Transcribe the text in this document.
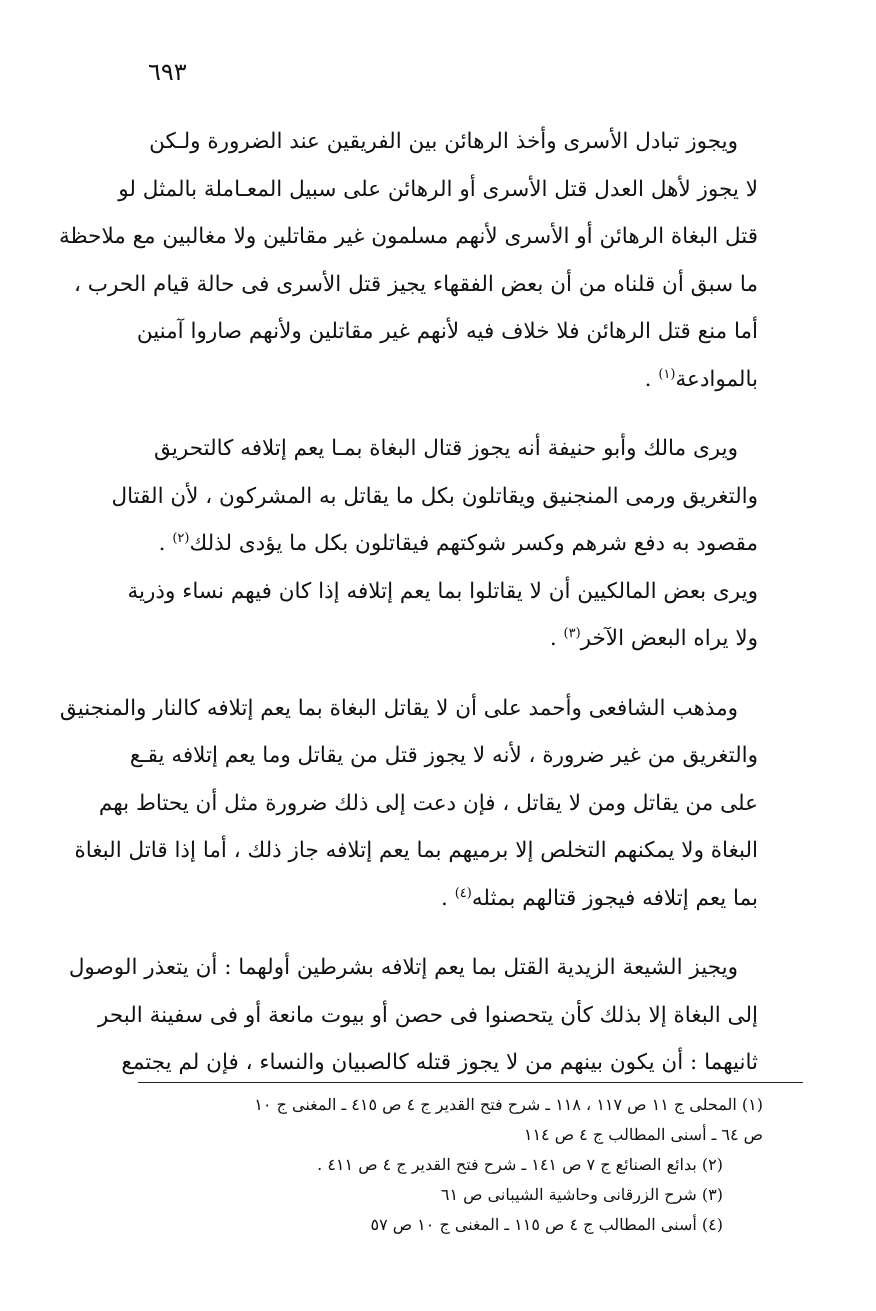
٦٩٣

ويجوز تبادل الأسرى وأخذ الرهائن بين الفريقين عند الضرورة ولـكن
لا يجوز لأهل العدل قتل الأسرى أو الرهائن على سبيل المعـاملة بالمثل لو
قتل البغاة الرهائن أو الأسرى لأنهم مسلمون غير مقاتلين ولا مغالبين مع ملاحظة
ما سبق أن قلناه من أن بعض الفقهاء يجيز قتل الأسرى فى حالة قيام الحرب ،
أما منع قتل الرهائن فلا خلاف فيه لأنهم غير مقاتلين ولأنهم صاروا آمنين
بالموادعة$^{(١)}$ .

ويرى مالك وأبو حنيفة أنه يجوز قتال البغاة بمـا يعم إتلافه كالتحريق
والتغريق ورمى المنجنيق ويقاتلون بكل ما يقاتل به المشركون ، لأن القتال
مقصود به دفع شرهم وكسر شوكتهم فيقاتلون بكل ما يؤدى لذلك$^{(٢)}$ .
ويرى بعض المالكيين أن لا يقاتلوا بما يعم إتلافه إذا كان فيهم نساء وذرية
ولا يراه البعض الآخر$^{(٣)}$ .

ومذهب الشافعى وأحمد على أن لا يقاتل البغاة بما يعم إتلافه كالنار والمنجنيق
والتغريق من غير ضرورة ، لأنه لا يجوز قتل من يقاتل وما يعم إتلافه يقـع
على من يقاتل ومن لا يقاتل ، فإن دعت إلى ذلك ضرورة مثل أن يحتاط بهم
البغاة ولا يمكنهم التخلص إلا برميهم بما يعم إتلافه جاز ذلك ، أما إذا قاتل البغاة
بما يعم إتلافه فيجوز قتالهم بمثله$^{(٤)}$ .

ويجيز الشيعة الزيدية القتل بما يعم إتلافه بشرطين أولهما : أن يتعذر الوصول
إلى البغاة إلا بذلك كأن يتحصنوا فى حصن أو بيوت مانعة أو فى سفينة البحر
ثانيهما : أن يكون بينهم من لا يجوز قتله كالصبيان والنساء ، فإن لم يجتمع

(١) المحلى ج ١١ ص ١١٧ ، ١١٨ ـ شرح فتح القدير ج ٤ ص ٤١٥ ـ المغنى ج ١٠
ص ٦٤ ـ أسنى المطالب ج ٤ ص ١١٤
(٢) بدائع الصنائع ج ٧ ص ١٤١ ـ شرح فتح القدير ج ٤ ص ٤١١ .
(٣) شرح الزرقانى وحاشية الشيبانى ص ٦١
(٤) أسنى المطالب ج ٤ ص ١١٥ ـ المغنى ج ١٠ ص ٥٧
